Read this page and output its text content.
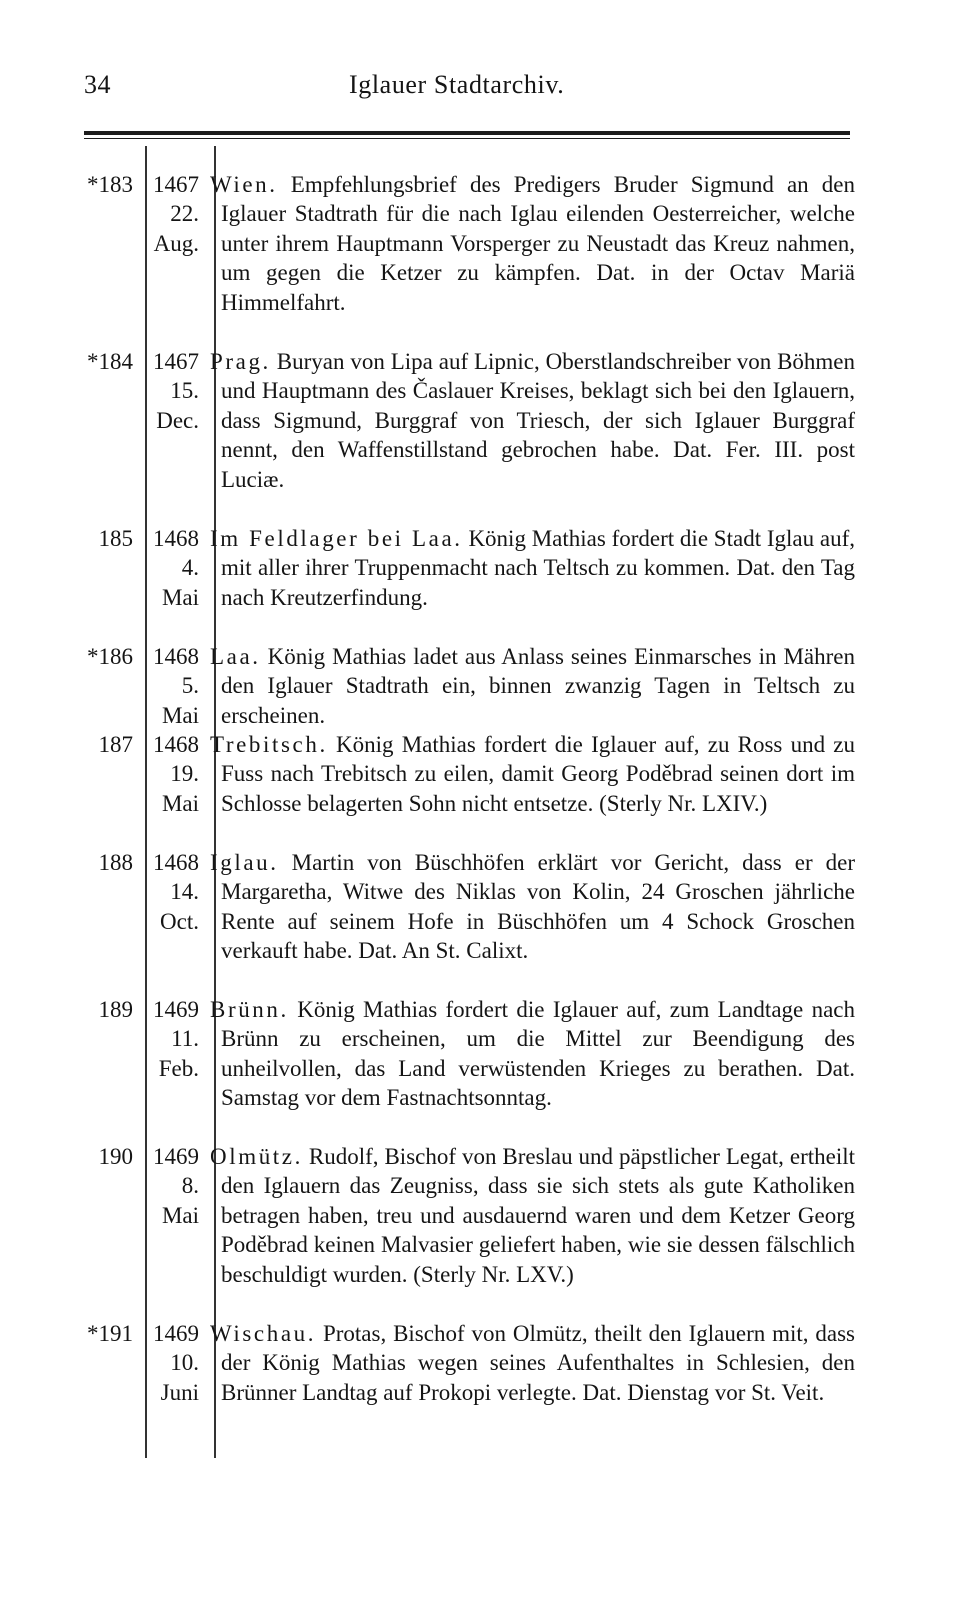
34	Iglauer Stadtarchiv.
*183 1467
22.
Aug.
Wien. Empfehlungsbrief des Predigers Bruder Sigmund an den Iglauer Stadtrath für die nach Iglau eilenden Oesterreicher, welche unter ihrem Hauptmann Vorsperger zu Neustadt das Kreuz nahmen, um gegen die Ketzer zu kämpfen. Dat. in der Octav Mariä Himmelfahrt.
*184 1467
15.
Dec.
Prag. Buryan von Lipa auf Lipnic, Oberstlandschreiber von Böhmen und Hauptmann des Časlauer Kreises, beklagt sich bei den Iglauern, dass Sigmund, Burggraf von Triesch, der sich Iglauer Burggraf nennt, den Waffenstillstand gebrochen habe. Dat. Fer. III. post Luciæ.
185 1468
4.
Mai
Im Feldlager bei Laa. König Mathias fordert die Stadt Iglau auf, mit aller ihrer Truppenmacht nach Teltsch zu kommen. Dat. den Tag nach Kreutzerfindung.
*186 1468
5.
Mai
Laa. König Mathias ladet aus Anlass seines Einmarsches in Mähren den Iglauer Stadtrath ein, binnen zwanzig Tagen in Teltsch zu erscheinen.
187 1468
19.
Mai
Trebitsch. König Mathias fordert die Iglauer auf, zu Ross und zu Fuss nach Trebitsch zu eilen, damit Georg Poděbrad seinen dort im Schlosse belagerten Sohn nicht entsetze. (Sterly Nr. LXIV.)
188 1468
14.
Oct.
Iglau. Martin von Büschhöfen erklärt vor Gericht, dass er der Margaretha, Witwe des Niklas von Kolin, 24 Groschen jährliche Rente auf seinem Hofe in Büschhöfen um 4 Schock Groschen verkauft habe. Dat. An St. Calixt.
189 1469
11.
Feb.
Brünn. König Mathias fordert die Iglauer auf, zum Landtage nach Brünn zu erscheinen, um die Mittel zur Beendigung des unheilvollen, das Land verwüstenden Krieges zu berathen. Dat. Samstag vor dem Fastnachtsonntag.
190 1469
8.
Mai
Olmütz. Rudolf, Bischof von Breslau und päpstlicher Legat, ertheilt den Iglauern das Zeugniss, dass sie sich stets als gute Katholiken betragen haben, treu und ausdauernd waren und dem Ketzer Georg Poděbrad keinen Malvasier geliefert haben, wie sie dessen fälschlich beschuldigt wurden. (Sterly Nr. LXV.)
*191 1469
10.
Juni
Wischau. Protas, Bischof von Olmütz, theilt den Iglauern mit, dass der König Mathias wegen seines Aufenthaltes in Schlesien, den Brünner Landtag auf Prokopi verlegte. Dat. Dienstag vor St. Veit.
